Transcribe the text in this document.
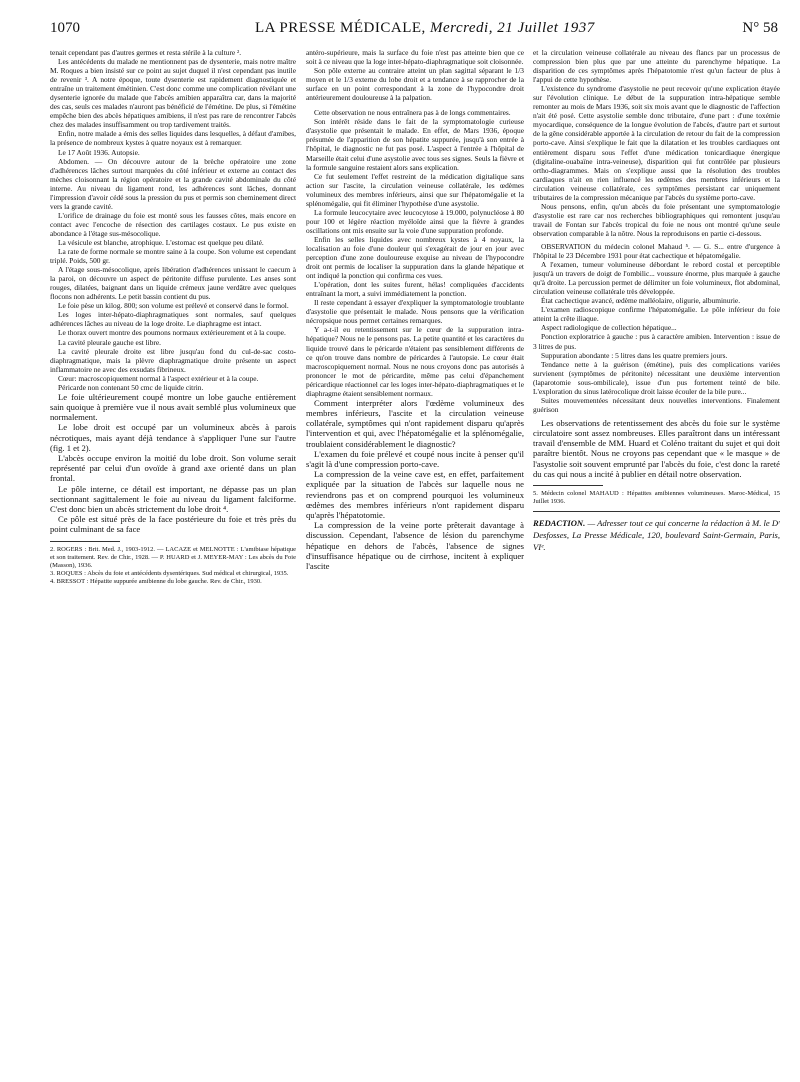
1070	LA PRESSE MÉDICALE, Mercredi, 21 Juillet 1937	N° 58

tenait cependant pas d'autres germes et resta stérile à la culture ².

Les antécédents du malade ne mentionnent pas de dysenterie, mais notre maître M. Roques a bien insisté sur ce point au sujet duquel il n'est cependant pas inutile de revenir ³. A notre époque, toute dysenterie est rapidement diagnostiquée et entraîne un traitement émétinien. C'est donc comme une complication révélant une dysenterie ignorée du malade que l'abcès amibien apparaîtra car, dans la majorité des cas, seuls ces malades n'auront pas bénéficié de l'émétine. De plus, si l'émétine empêche bien des abcès hépatiques amibiens, il n'est pas rare de rencontrer l'abcès chez des malades insuffisamment ou trop tardivement traités.

Enfin, notre malade a émis des selles liquides dans lesquelles, à défaut d'amibes, la présence de nombreux kystes à quatre noyaux est à remarquer.

Le 17 Août 1936. Autopsie.

Abdomen. — On découvre autour de la brèche opératoire une zone d'adhérences lâches surtout marquées du côté inférieur et externe au contact des mèches cloisonnant la région opératoire et la grande cavité abdominale du côté interne. Au niveau du ligament rond, les adhérences sont lâches, donnant l'impression d'avoir cédé sous la pression du pus et permis son cheminement direct vers la grande cavité.

L'orifice de drainage du foie est monté sous les fausses côtes, mais encore en contact avec l'encoche de résection des cartilages costaux. Le pus existe en abondance à l'étage sus-mésocolique.

La vésicule est blanche, atrophique. L'estomac est quelque peu dilaté.

La rate de forme normale se montre saine à la coupe. Son volume est cependant triplé. Poids, 500 gr.

A l'étage sous-mésocolique, après libération d'adhérences unissant le caecum à la paroi, on découvre un aspect de péritonite diffuse purulente. Les anses sont rouges, dilatées, baignant dans un liquide crémeux jaune verdâtre avec quelques flocons non adhérents. Le petit bassin contient du pus.

Le foie pèse un kilog. 800; son volume est prélevé et conservé dans le formol.

Les loges inter-hépato-diaphragmatiques sont normales, sauf quelques adhérences lâches au niveau de la loge droite. Le diaphragme est intact.

Le thorax ouvert montre des poumons normaux extérieurement et à la coupe.

La cavité pleurale gauche est libre.

La cavité pleurale droite est libre jusqu'au fond du cul-de-sac costo-diaphragmatique, mais la plèvre diaphragmatique droite présente un aspect inflammatoire ne avec des exsudats fibrineux.

Cœur: macroscopiquement normal à l'aspect extérieur et à la coupe.

Péricarde non contenant 50 cmc de liquide citrin.

Le foie ultérieurement coupé montre un lobe gauche entièrement sain quoique à première vue il nous avait semblé plus volumineux que normalement.

Le lobe droit est occupé par un volumineux abcès à parois nécrotiques, mais ayant déjà tendance à s'appliquer l'une sur l'autre (fig. 1 et 2).

L'abcès occupe environ la moitié du lobe droit. Son volume serait représenté par celui d'un ovoïde à grand axe orienté dans un plan frontal.

Le pôle interne, ce détail est important, ne dépasse pas un plan sectionnant sagittalement le foie au niveau du ligament falciforme. C'est donc bien un abcès strictement du lobe droit ⁴.

Ce pôle est situé près de la face postérieure du foie et très près du point culminant de sa face

2. ROGERS : Brit. Med. J., 1903-1912. — LACAZE et MELNOTTE : L'amibiase hépatique et son traitement. Rev. de Chir., 1928. — P. HUARD et J. MEYER-MAY : Les abcès du Foie (Masson), 1936.

3. ROQUES : Abcès du foie et antécédents dysentériques. Sud médical et chirurgical, 1935.

4. BRESSOT : Hépatite suppurée amibienne du lobe gauche. Rev. de Chir., 1930.

antéro-supérieure, mais la surface du foie n'est pas atteinte bien que ce soit à ce niveau que la loge inter-hépato-diaphragmatique soit cloisonnée.

Son pôle externe au contraire atteint un plan sagittal séparant le 1/3 moyen et le 1/3 externe du lobe droit et a tendance à se rapprocher de la surface en un point correspondant à la zone de l'hypocondre droit antérieurement douloureuse à la palpation.

Cette observation ne nous entraînera pas à de longs commentaires.

Son intérêt réside dans le fait de la symptomatologie curieuse d'asystolie que présentait le malade. En effet, de Mars 1936, époque présumée de l'apparition de son hépatite suppurée, jusqu'à son entrée à l'hôpital, le diagnostic ne fut pas posé. L'aspect à l'entrée à l'hôpital de Marseille était celui d'une asystolie avec tous ses signes. Seuls la fièvre et la formule sanguine restaient alors sans explication.

Ce fut seulement l'effet restreint de la médication digitalique sans action sur l'ascite, la circulation veineuse collatérale, les œdèmes volumineux des membres inférieurs, ainsi que sur l'hépatomégalie et la splénomégalie, qui fit éliminer l'hypothèse d'une asystolie.

La formule leucocytaire avec leucocytose à 19.000, polynucléose à 80 pour 100 et légère réaction myéloïde ainsi que la fièvre à grandes oscillations ont mis ensuite sur la voie d'une suppuration profonde.

Enfin les selles liquides avec nombreux kystes à 4 noyaux, la localisation au foie d'une douleur qui s'exagérait de jour en jour avec perception d'une zone douloureuse exquise au niveau de l'hypocondre droit ont permis de localiser la suppuration dans la glande hépatique et ont indiqué la ponction qui confirma ces vues.

L'opération, dont les suites furent, hélas! compliquées d'accidents entraînant la mort, a suivi immédiatement la ponction.

Il reste cependant à essayer d'expliquer la symptomatologie troublante d'asystolie que présentait le malade. Nous pensons que la vérification nécropsique nous permet certaines remarques.

Y a-t-il eu retentissement sur le cœur de la suppuration intra-hépatique? Nous ne le pensons pas. La petite quantité et les caractères du liquide trouvé dans le péricarde n'étaient pas sensiblement différents de ce qu'on trouve dans nombre de péricardes à l'autopsie. Le cœur était macroscopiquement normal. Nous ne nous croyons donc pas autorisés à prononcer le mot de péricardite, même pas celui d'épanchement péricardique réactionnel car les loges inter-hépato-diaphragmatiques et le diaphragme étaient sensiblement normaux.

Comment interpréter alors l'œdème volumineux des membres inférieurs, l'ascite et la circulation veineuse collatérale, symptômes qui n'ont rapidement disparu qu'après l'intervention et qui, avec l'hépatomégalie et la splénomégalie, troublaient considérablement le diagnostic?

L'examen du foie prélevé et coupé nous incite à penser qu'il s'agit là d'une compression porto-cave.

La compression de la veine cave est, en effet, parfaitement expliquée par la situation de l'abcès sur laquelle nous ne reviendrons pas et on comprend pourquoi les volumineux œdèmes des membres inférieurs n'ont rapidement disparu qu'après l'hépatotomie.

La compression de la veine porte prêterait davantage à discussion. Cependant, l'absence de lésion du parenchyme hépatique en dehors de l'abcès, l'absence de signes d'insuffisance hépatique ou de cirrhose, incitent à expliquer l'ascite

et la circulation veineuse collatérale au niveau des flancs par un processus de compression bien plus que par une atteinte du parenchyme hépatique. La disparition de ces symptômes après l'hépatotomie n'est qu'un facteur de plus à l'appui de cette hypothèse.

L'existence du syndrome d'asystolie ne peut recevoir qu'une explication étayée sur l'évolution clinique. Le début de la suppuration intra-hépatique semble remonter au mois de Mars 1936, soit six mois avant que le diagnostic de l'affection n'ait été posé. Cette asystolie semble donc tributaire, d'une part : d'une toxémie myocardique, conséquence de la longue évolution de l'abcès, d'autre part et surtout de la gêne considérable apportée à la circulation de retour du fait de la compression porto-cave. Ainsi s'explique le fait que la dilatation et les troubles cardiaques ont entièrement disparu sous l'effet d'une médication tonicardiaque énergique (digitaline-ouabaïne intra-veineuse), disparition qui fut contrôlée par plusieurs ortho-diagrammes. Mais on s'explique aussi que la résolution des troubles cardiaques n'ait en rien influencé les œdèmes des membres inférieurs et la circulation veineuse collatérale, ces symptômes persistant car uniquement tributaires de la compression mécanique par l'abcès du système porto-cave.

Nous pensons, enfin, qu'un abcès du foie présentant une symptomatologie d'asystolie est rare car nos recherches bibliographiques qui remontent jusqu'au travail de Fontan sur l'abcès tropical du foie ne nous ont montré qu'une seule observation comparable à la nôtre. Nous la reproduisons en partie ci-dessous.

OBSERVATION du médecin colonel Mahaud ⁵. — G. S... entre d'urgence à l'hôpital le 23 Décembre 1931 pour état cachectique et hépatomégalie.

A l'examen, tumeur volumineuse débordant le rebord costal et perceptible jusqu'à un travers de doigt de l'ombilic... voussure énorme, plus marquée à gauche qu'à droite. La percussion permet de délimiter un foie volumineux, flot abdominal, circulation veineuse collatérale très développée.

État cachectique avancé, œdème malléolaire, oligurie, albuminurie.

L'examen radioscopique confirme l'hépatomégalie. Le pôle inférieur du foie atteint la crête iliaque.

Aspect radiologique de collection hépatique...

Ponction exploratrice à gauche : pus à caractère amibien. Intervention : issue de 3 litres de pus.

Suppuration abondante : 5 litres dans les quatre premiers jours.

Tendance nette à la guérison (émétine), puis des complications variées survienent (symptômes de péritonite) nécessitant une deuxième intervention (laparotomie sous-ombilicale), issue d'un pus fortement teinté de bile. L'exploration du sinus latérocolique droit laisse écouler de la bile pure...

Suites mouvementées nécessitant deux nouvelles interventions. Finalement guérison

Les observations de retentissement des abcès du foie sur le système circulatoire sont assez nombreuses. Elles paraîtront dans un intéressant travail d'ensemble de MM. Huard et Coléno traitant du sujet et qui doit paraître bientôt. Nous ne croyons pas cependant que « le masque » de l'asystolie soit souvent emprunté par l'abcès du foie, c'est donc la rareté du cas qui nous a incité à publier en détail notre observation.

5. Médecin colonel MAHAUD : Hépatites amibiennes volumineuses. Maroc-Médical, 15 Juillet 1936.

REDACTION. — Adresser tout ce qui concerne la rédaction à M. le Dʳ Desfosses, La Presse Médicale, 120, boulevard Saint-Germain, Paris, VIᵉ.
